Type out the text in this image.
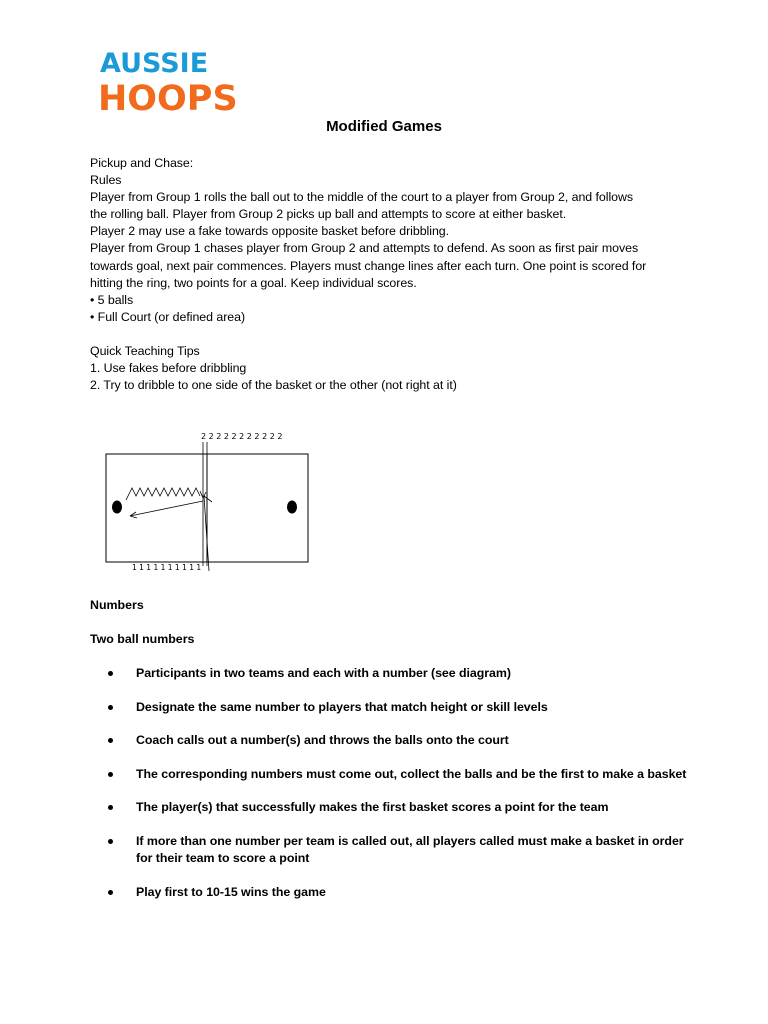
AUSSIE
HOOPS
Modified Games

Pickup and Chase:

Rules

Player from Group 1 rolls the ball out to the middle of the court to a player from Group 2, and follows

the rolling ball. Player from Group 2 picks up ball and attempts to score at either basket.

Player 2 may use a fake towards opposite basket before dribbling.

Player from Group 1 chases player from Group 2 and attempts to defend. As soon as first pair moves

towards goal, next pair commences. Players must change lines after each turn. One point is scored for

hitting the ring, two points for a goal. Keep individual scores.

• 5 balls

• Full Court (or defined area)

Quick Teaching Tips

1. Use fakes before dribbling

2. Try to dribble to one side of the basket or the other (not right at it)

2 2 2 2 2 2 2 2 2 2 2
1 1 1 1 1 1 1 1 1 1
Numbers
Two ball numbers
Participants in two teams and each with a number (see diagram)
Designate the same number to players that match height or skill levels
Coach calls out a number(s) and throws the balls onto the court
The corresponding numbers must come out, collect the balls and be the first to make a basket
The player(s) that successfully makes the first basket scores a point for the team
If more than one number per team is called out, all players called must make a basket in order for their team to score a point
Play first to 10-15 wins the game
